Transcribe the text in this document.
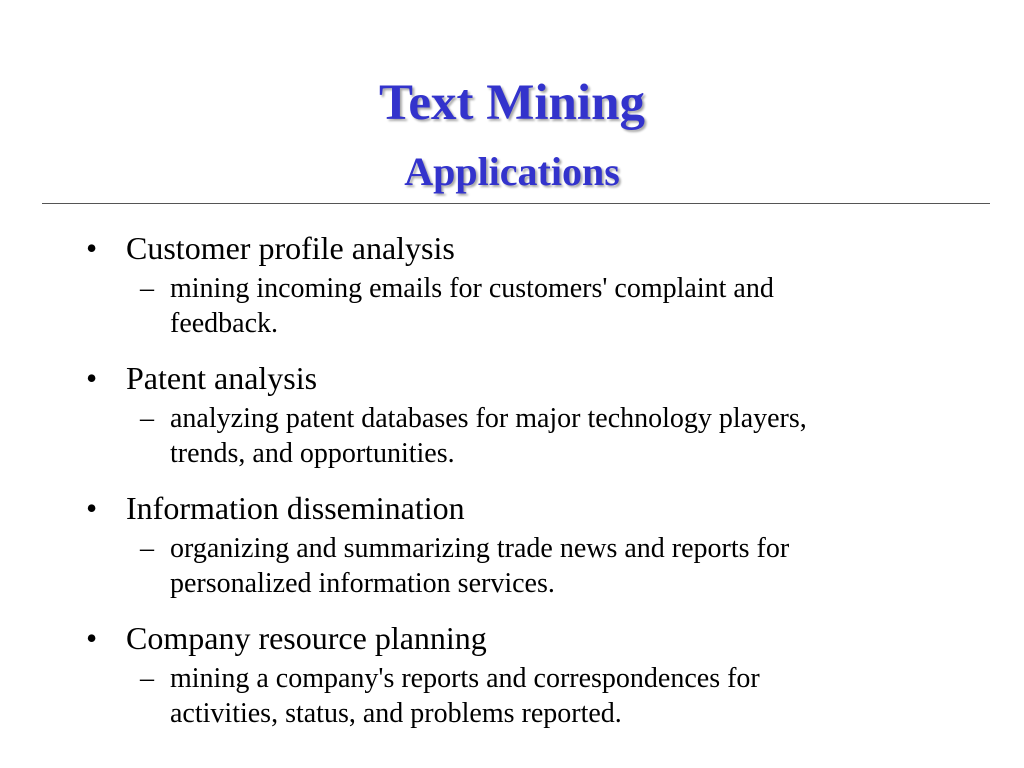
Text Mining
Applications
• Customer profile analysis
– mining incoming emails for customers' complaint and feedback.
• Patent analysis
– analyzing patent databases for major technology players, trends, and opportunities.
• Information dissemination
– organizing and summarizing trade news and reports for personalized information services.
• Company resource planning
– mining a company's reports and correspondences for activities, status, and problems reported.
